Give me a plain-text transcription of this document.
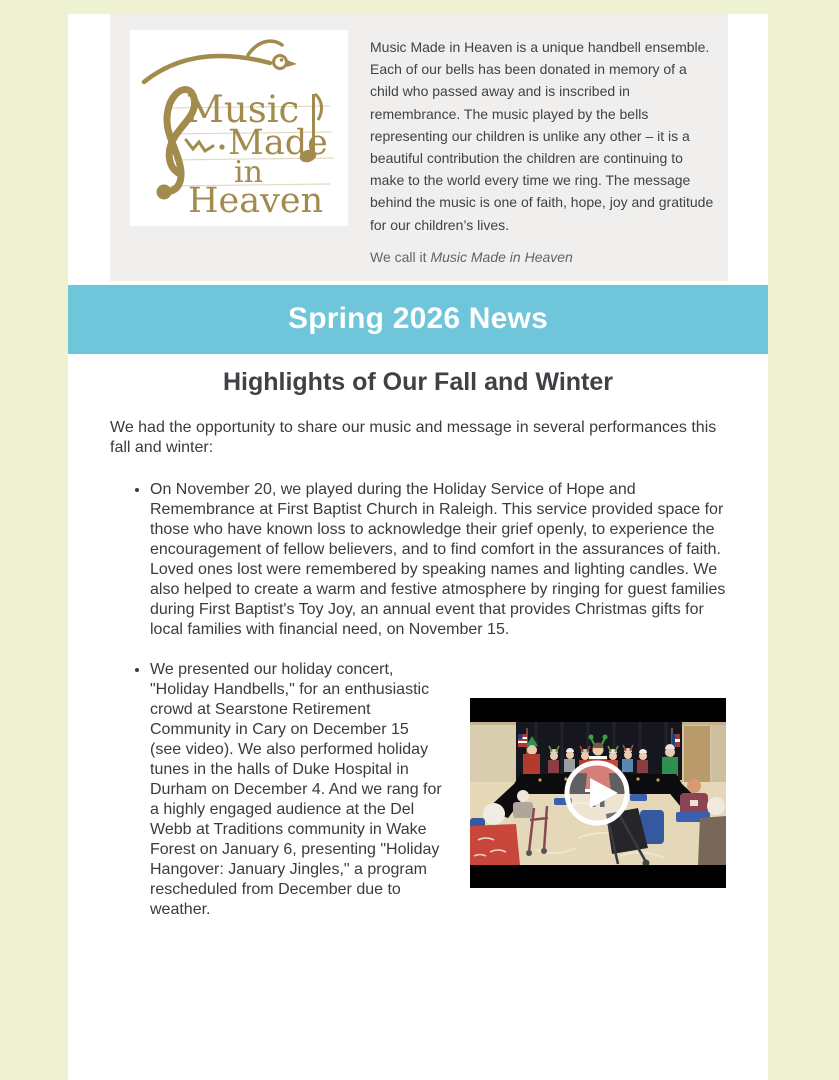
Music
Made
in
Heaven

Music Made in Heaven is a unique handbell ensemble. Each of our bells has been donated in memory of a child who passed away and is inscribed in remembrance. The music played by the bells representing our children is unlike any other – it is a beautiful contribution the children are continuing to make to the world every time we ring. The message behind the music is one of faith, hope, joy and gratitude for our children’s lives.

We call it Music Made in Heaven

Spring 2026 News
Highlights of Our Fall and Winter

We had the opportunity to share our music and message in several performances this fall and winter:

• On November 20, we played during the Holiday Service of Hope and Remembrance at First Baptist Church in Raleigh. This service provided space for those who have known loss to acknowledge their grief openly, to experience the encouragement of fellow believers, and to find comfort in the assurances of faith. Loved ones lost were remembered by speaking names and lighting candles. We also helped to create a warm and festive atmosphere by ringing for guest families during First Baptist's Toy Joy, an annual event that provides Christmas gifts for local families with financial need, on November 15.
• We presented our holiday concert, "Holiday Handbells," for an enthusiastic crowd at Searstone Retirement Community in Cary on December 15 (see video). We also performed holiday tunes in the halls of Duke Hospital in Durham on December 4. And we rang for a highly engaged audience at the Del Webb at Traditions community in Wake Forest on January 6, presenting "Holiday Hangover: January Jingles," a program rescheduled from December due to weather.
